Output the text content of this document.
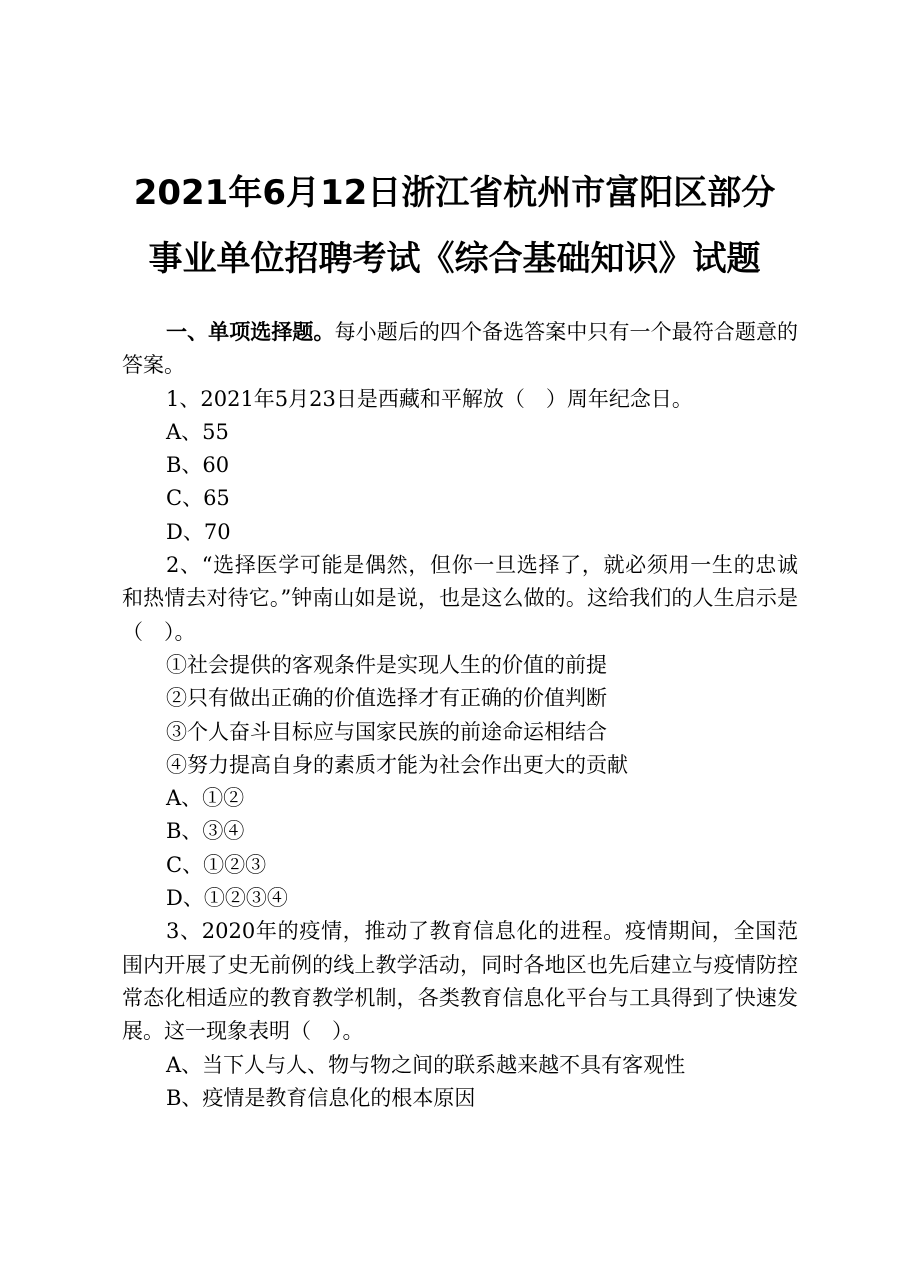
2021年6月12日浙江省杭州市富阳区部分
事业单位招聘考试《综合基础知识》试题

一、单项选择题。每小题后的四个备选答案中只有一个最符合题意的答案。

1、2021年5月23日是西藏和平解放（　）周年纪念日。

A、55

B、60

C、65

D、70

2、“选择医学可能是偶然，但你一旦选择了，就必须用一生的忠诚和热情去对待它。”钟南山如是说，也是这么做的。这给我们的人生启示是（　）。

①社会提供的客观条件是实现人生的价值的前提

②只有做出正确的价值选择才有正确的价值判断

③个人奋斗目标应与国家民族的前途命运相结合

④努力提高自身的素质才能为社会作出更大的贡献

A、①②

B、③④

C、①②③

D、①②③④

3、2020年的疫情，推动了教育信息化的进程。疫情期间，全国范围内开展了史无前例的线上教学活动，同时各地区也先后建立与疫情防控常态化相适应的教育教学机制，各类教育信息化平台与工具得到了快速发展。这一现象表明（　）。

A、当下人与人、物与物之间的联系越来越不具有客观性

B、疫情是教育信息化的根本原因
